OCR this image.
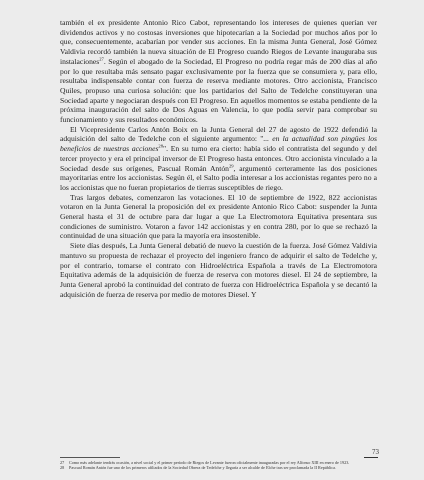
también el ex presidente Antonio Rico Cabot, representando los intereses de quienes querían ver dividendos activos y no costosas inversiones que hipotecarían a la Sociedad por muchos años por lo que, consecuentemente, acabarían por vender sus acciones. En la misma Junta General, José Gómez Valdivia recordó también la nueva situación de El Progreso cuando Riegos de Levante inauguraba sus instalaciones$^{27}$. Según el abogado de la Sociedad, El Progreso no podría regar más de 200 días al año por lo que resultaba más sensato pagar exclusivamente por la fuerza que se consumiera y, para ello, resultaba indispensable contar con fuerza de reserva mediante motores. Otro accionista, Francisco Quiles, propuso una curiosa solución: que los partidarios del Salto de Tedelche constituyeran una Sociedad aparte y negociaran después con El Progreso. En aquellos momentos se estaba pendiente de la próxima inauguración del salto de Dos Aguas en Valencia, lo que podía servir para comprobar su funcionamiento y sus resultados económicos.

El Vicepresidente Carlos Antón Boix en la Junta General del 27 de agosto de 1922 defendió la adquisición del salto de Tedelche con el siguiente argumento: "... en la actualidad son pingües los beneficios de nuestras acciones$^{28}$". En su turno era cierto: había sido el contratista del segundo y del tercer proyecto y era el principal inversor de El Progreso hasta entonces. Otro accionista vinculado a la Sociedad desde sus orígenes, Pascual Román Antón$^{29}$, argumentó certeramente las dos posiciones mayoritarias entre los accionistas. Según él, el Salto podía interesar a los accionistas regantes pero no a los accionistas que no fueran propietarios de tierras susceptibles de riego.

Tras largos debates, comenzaron las votaciones. El 10 de septiembre de 1922, 822 accionistas votaron en la Junta General la proposición del ex presidente Antonio Rico Cabot: suspender la Junta General hasta el 31 de octubre para dar lugar a que La Electromotora Equitativa presentara sus condiciones de suministro. Votaron a favor 142 accionistas y en contra 280, por lo que se rechazó la continuidad de una situación que para la mayoría era insostenible.

Siete días después, La Junta General debatió de nuevo la cuestión de la fuerza. José Gómez Valdivia mantuvo su propuesta de rechazar el proyecto del ingeniero franco de adquirir el salto de Tedelche y, por el contrario, tomarse el contrato con Hidroeléctrica Española a través de La Electromotora Equitativa además de la adquisición de fuerza de reserva con motores diesel. El 24 de septiembre, la Junta General aprobó la continuidad del contrato de fuerza con Hidroeléctrica Española y se decantó la adquisición de fuerza de reserva por medio de motores Diesel. Y

27	Como más adelante tendrás ocasión, a nivel social y el primer período de Riegos de Levante fueron oficialmente inauguradas por el rey Alfonso XIII en enero de 1923.
28	Pascual Román Antón fue uno de los primeros afiliados de la Sociedad Obrera de Tedelche y llegaría a ser alcalde de Elche tras ser proclamada la II República.
73
